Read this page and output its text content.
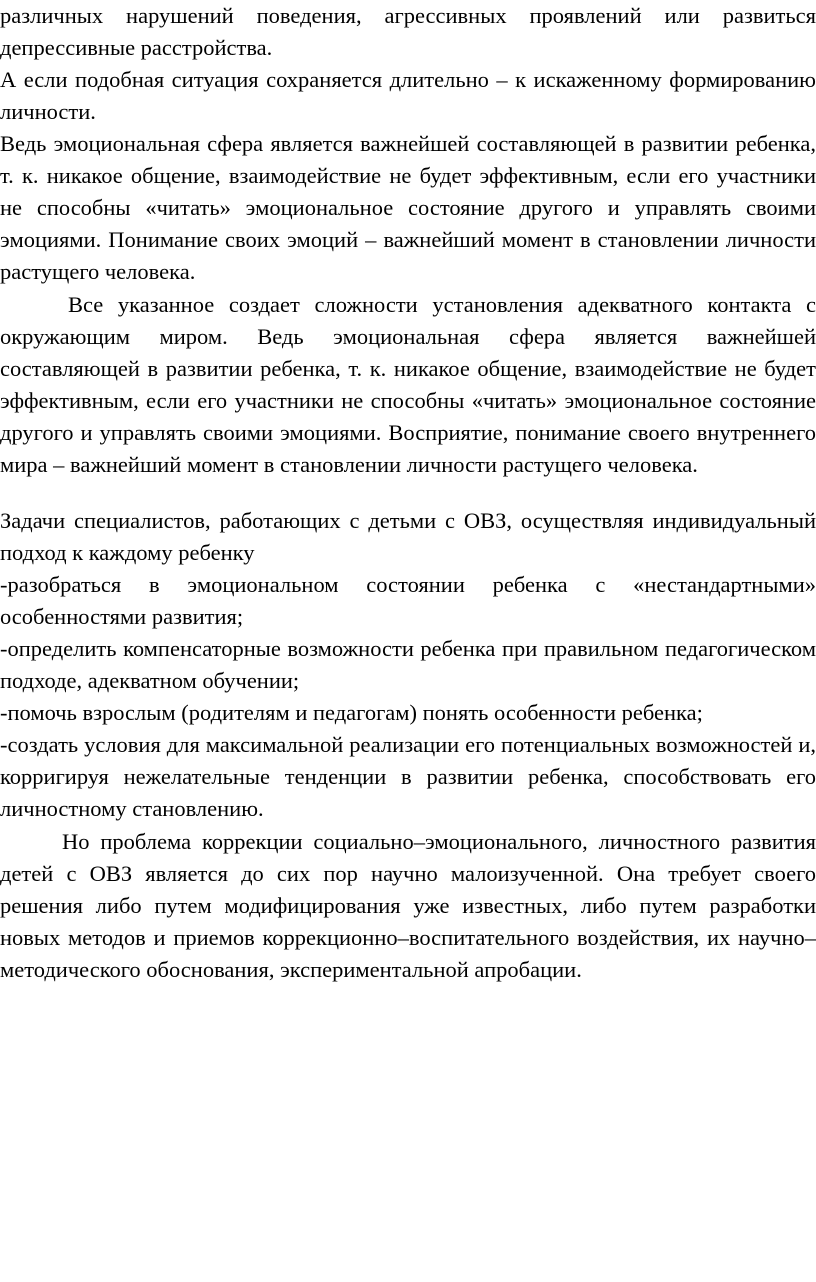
различных нарушений поведения, агрессивных проявлений или развиться депрессивные расстройства.

А если подобная ситуация сохраняется длительно – к искаженному формированию личности.

Ведь эмоциональная сфера является важнейшей составляющей в развитии ребенка, т. к. никакое общение, взаимодействие не будет эффективным, если его участники не способны «читать» эмоциональное состояние другого и управлять своими эмоциями. Понимание своих эмоций – важнейший момент в становлении личности растущего человека.

Все указанное создает сложности установления адекватного контакта с окружающим миром. Ведь эмоциональная сфера является важнейшей составляющей в развитии ребенка, т. к. никакое общение, взаимодействие не будет эффективным, если его участники не способны «читать» эмоциональное состояние другого и управлять своими эмоциями. Восприятие, понимание своего внутреннего мира – важнейший момент в становлении личности растущего человека.

Задачи специалистов, работающих с детьми с ОВЗ, осуществляя индивидуальный подход к каждому ребенку

-разобраться в эмоциональном состоянии ребенка с «нестандартными» особенностями развития;

-определить компенсаторные возможности ребенка при правильном педагогическом подходе, адекватном обучении;

-помочь взрослым (родителям и педагогам) понять особенности ребенка;

-создать условия для максимальной реализации его потенциальных возможностей и, корригируя нежелательные тенденции в развитии ребенка, способствовать его личностному становлению.

Но проблема коррекции социально–эмоционального, личностного развития детей с ОВЗ является до сих пор научно малоизученной. Она требует своего решения либо путем модифицирования уже известных, либо путем разработки новых методов и приемов коррекционно–воспитательного воздействия, их научно–методического обоснования, экспериментальной апробации.
